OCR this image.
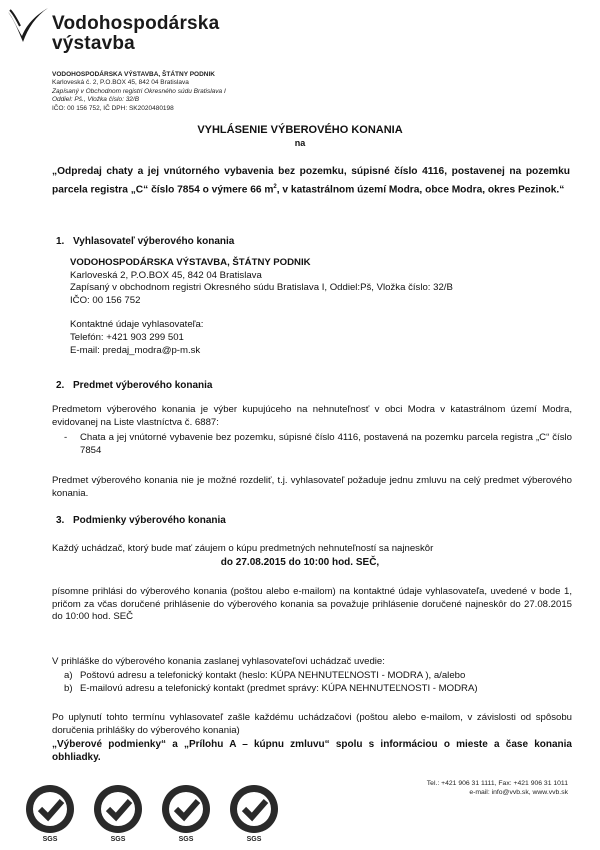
Vodohospodárska
výstavba
VODOHOSPODÁRSKA VÝSTAVBA, ŠTÁTNY PODNIK
Karloveská č. 2, P.O.BOX 45, 842 04 Bratislava
Zapísaný v Obchodnom registri Okresného súdu Bratislava I
Oddiel: Pš., Vložka číslo: 32/B
IČO: 00 156 752, IČ DPH: SK2020480198
VYHLÁSENIE VÝBEROVÉHO KONANIA
na
„Odpredaj chaty a jej vnútorného vybavenia bez pozemku, súpisné číslo 4116, postavenej na pozemku parcela registra „C“ číslo 7854 o výmere 66 $m^2$, v katastrálnom území Modra, obce Modra, okres Pezinok.“
1. Vyhlasovateľ výberového konania
VODOHOSPODÁRSKA VÝSTAVBA, ŠTÁTNY PODNIK
Karloveská 2, P.O.BOX 45, 842 04 Bratislava
Zapísaný v obchodnom registri Okresného súdu Bratislava I, Oddiel:Pš, Vložka číslo: 32/B
IČO: 00 156 752
Kontaktné údaje vyhlasovateľa:
Telefón: +421 903 299 501
E-mail: predaj_modra@p-m.sk
2. Predmet výberového konania
Predmetom výberového konania je výber kupujúceho na nehnuteľnosť v obci Modra v katastrálnom území Modra, evidovanej na Liste vlastníctva č. 6887:
- Chata a jej vnútorné vybavenie bez pozemku, súpisné číslo 4116, postavená na pozemku parcela registra „C“ číslo 7854
Predmet výberového konania nie je možné rozdeliť, t.j. vyhlasovateľ požaduje jednu zmluvu na celý predmet výberového konania.
3. Podmienky výberového konania
Každý uchádzač, ktorý bude mať záujem o kúpu predmetných nehnuteľností sa najneskôr
do 27.08.2015 do 10:00 hod. SEČ,
písomne prihlási do výberového konania (poštou alebo e-mailom) na kontaktné údaje vyhlasovateľa, uvedené v bode 1, pričom za včas doručené prihlásenie do výberového konania sa považuje prihlásenie doručené najneskôr do 27.08.2015 do 10:00 hod. SEČ
V prihláške do výberového konania zaslanej vyhlasovateľovi uchádzač uvedie:
a) Poštovú adresu a telefonický kontakt (heslo: KÚPA NEHNUTEĽNOSTI - MODRA ), a/alebo
b) E-mailovú adresu a telefonický kontakt (predmet správy: KÚPA NEHNUTEĽNOSTI - MODRA)
Po uplynutí tohto termínu vyhlasovateľ zašle každému uchádzačovi (poštou alebo e-mailom, v závislosti od spôsobu doručenia prihlášky do výberového konania)
„Výberové podmienky“ a „Prílohu A – kúpnu zmluvu“ spolu s informáciou o mieste a čase konania obhliadky.
SGS	SGS	SGS	SGS
Tel.: +421 906 31 1111, Fax: +421 906 31 1011
e-mail: info@vvb.sk, www.vvb.sk
